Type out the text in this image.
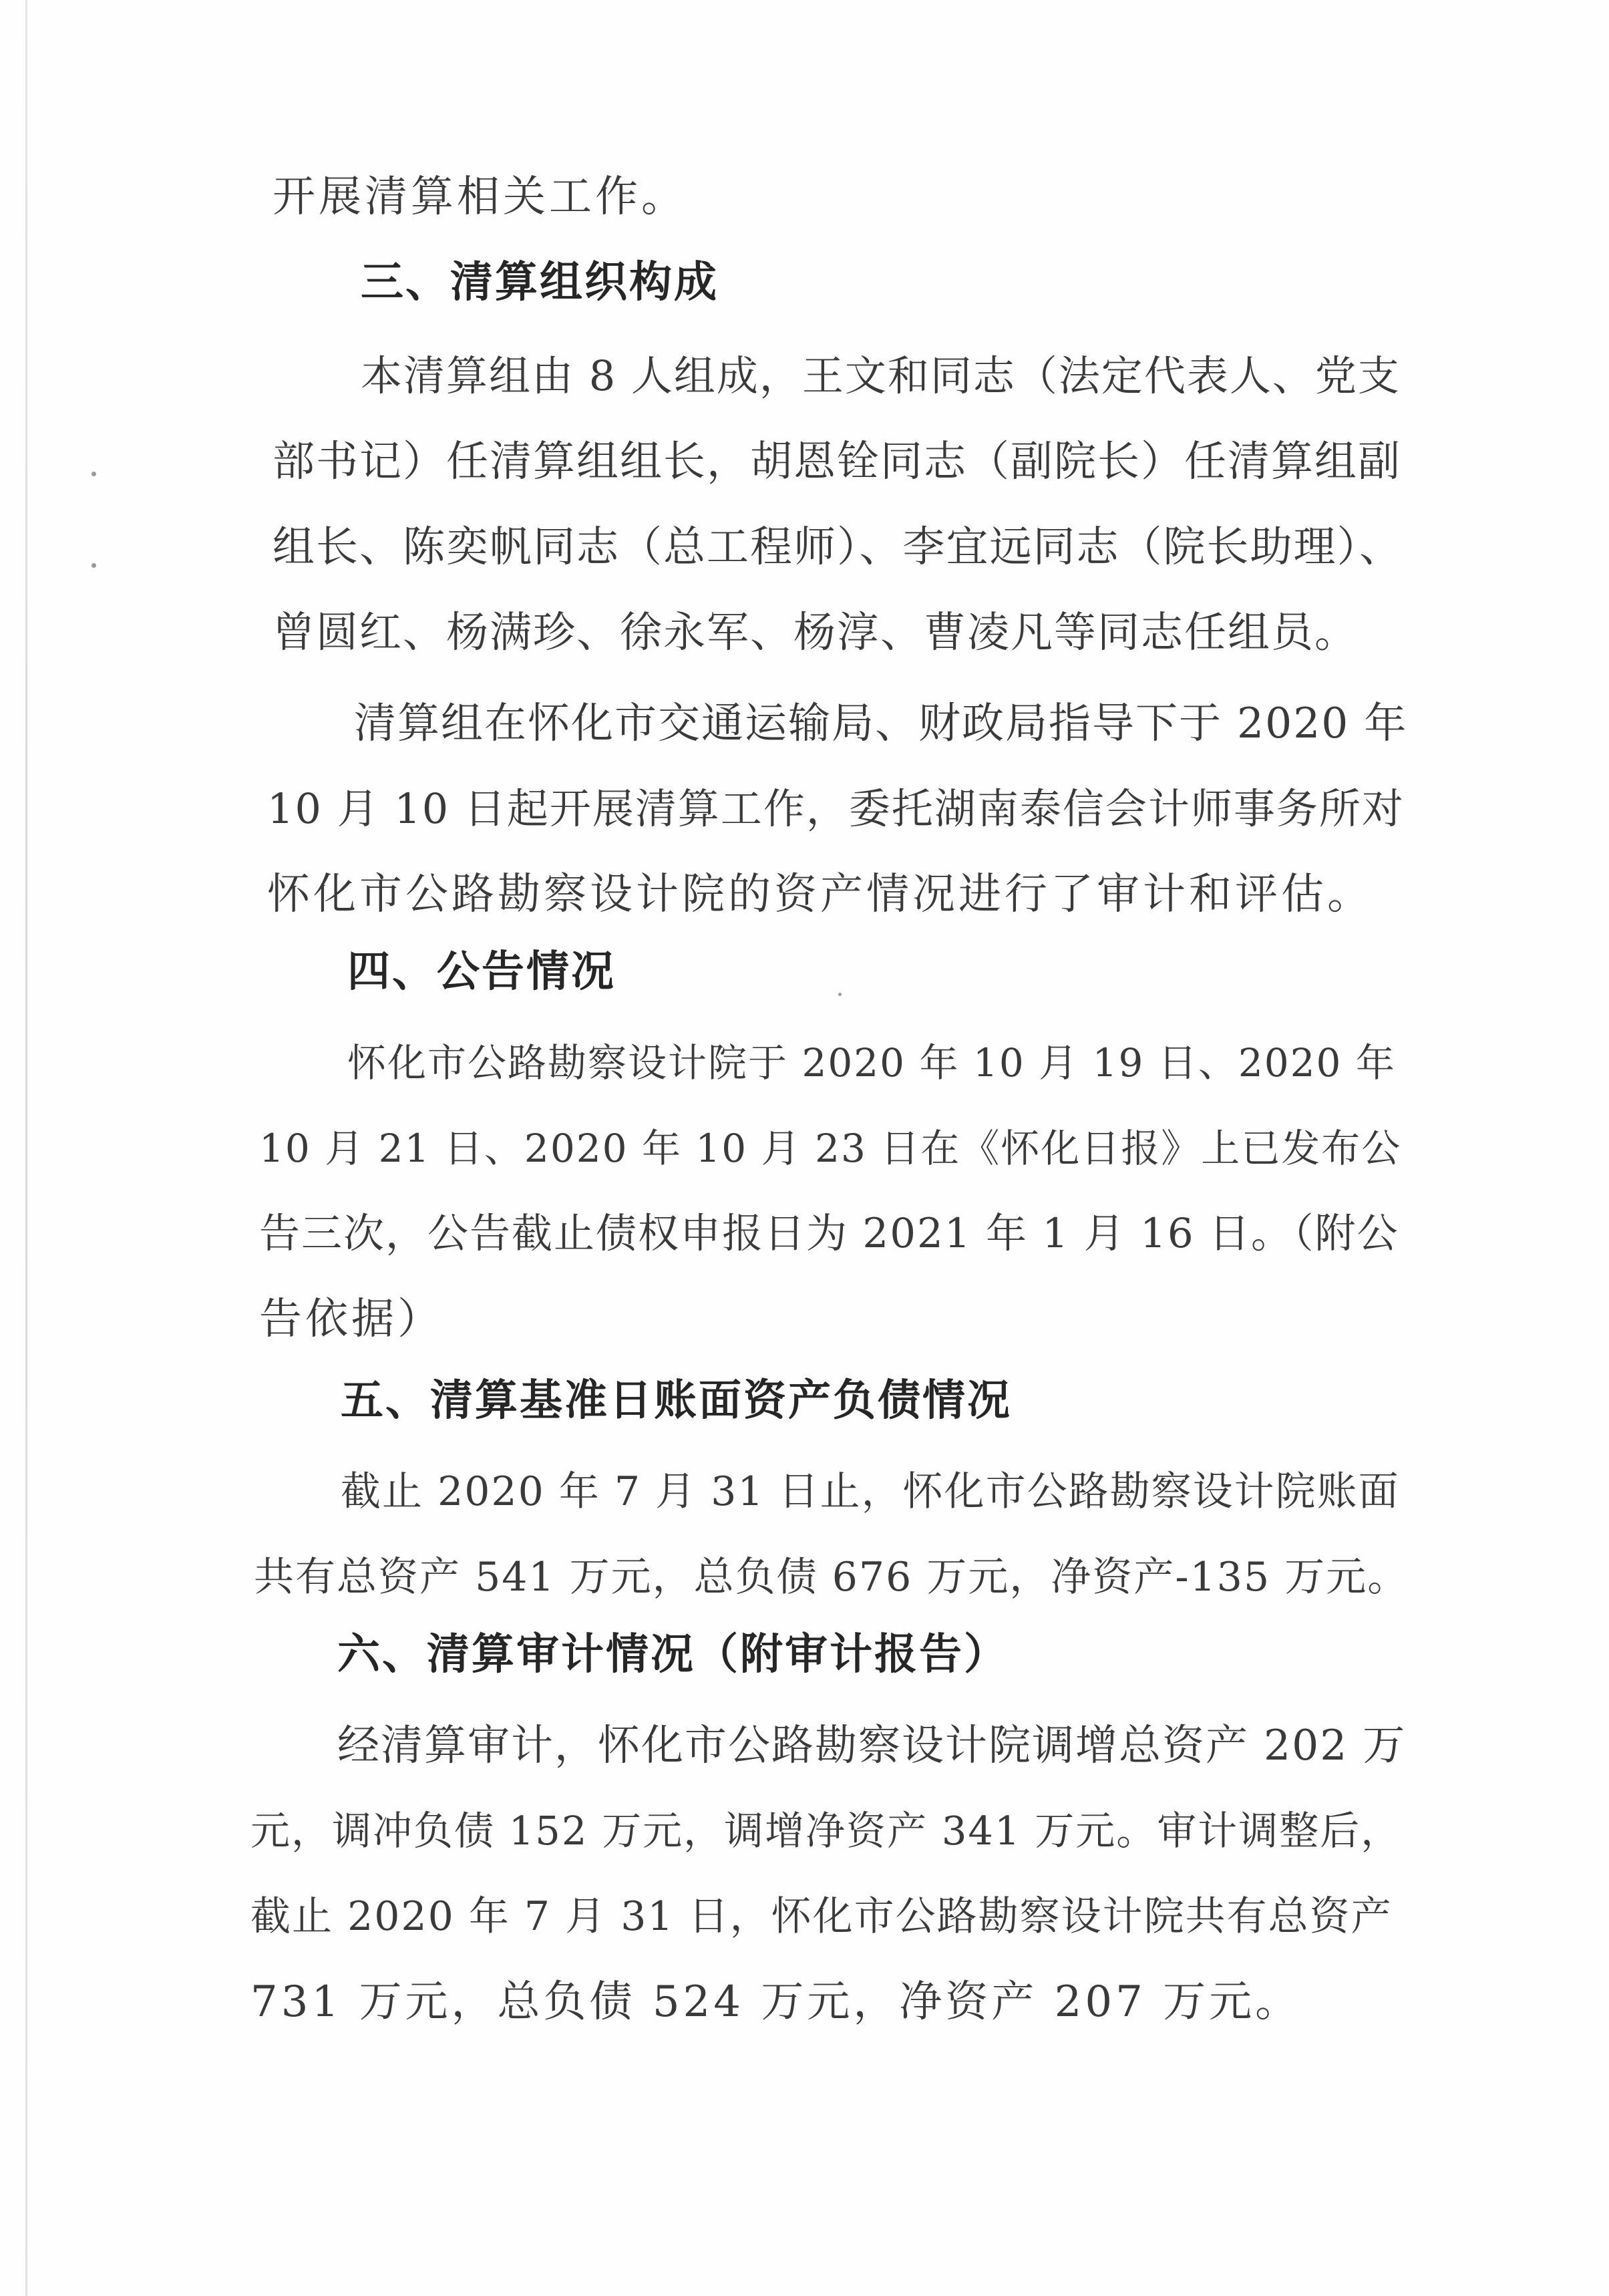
开展清算相关工作。
三、清算组织构成
本清算组由 8 人组成，王文和同志（法定代表人、党支
部书记）任清算组组长，胡恩铨同志（副院长）任清算组副
组长、陈奕帆同志（总工程师）、李宜远同志（院长助理）、
曾圆红、杨满珍、徐永军、杨淳、曹凌凡等同志任组员。
清算组在怀化市交通运输局、财政局指导下于 2020 年
10 月 10 日起开展清算工作，委托湖南泰信会计师事务所对
怀化市公路勘察设计院的资产情况进行了审计和评估。
四、公告情况
怀化市公路勘察设计院于 2020 年 10 月 19 日、2020 年
10 月 21 日、2020 年 10 月 23 日在《怀化日报》上已发布公
告三次，公告截止债权申报日为 2021 年 1 月 16 日。（附公
告依据）
五、清算基准日账面资产负债情况
截止 2020 年 7 月 31 日止，怀化市公路勘察设计院账面
共有总资产 541 万元，总负债 676 万元，净资产-135 万元。
六、清算审计情况（附审计报告）
经清算审计，怀化市公路勘察设计院调增总资产 202 万
元，调冲负债 152 万元，调增净资产 341 万元。审计调整后，
截止 2020 年 7 月 31 日，怀化市公路勘察设计院共有总资产
731 万元，总负债 524 万元，净资产 207 万元。
